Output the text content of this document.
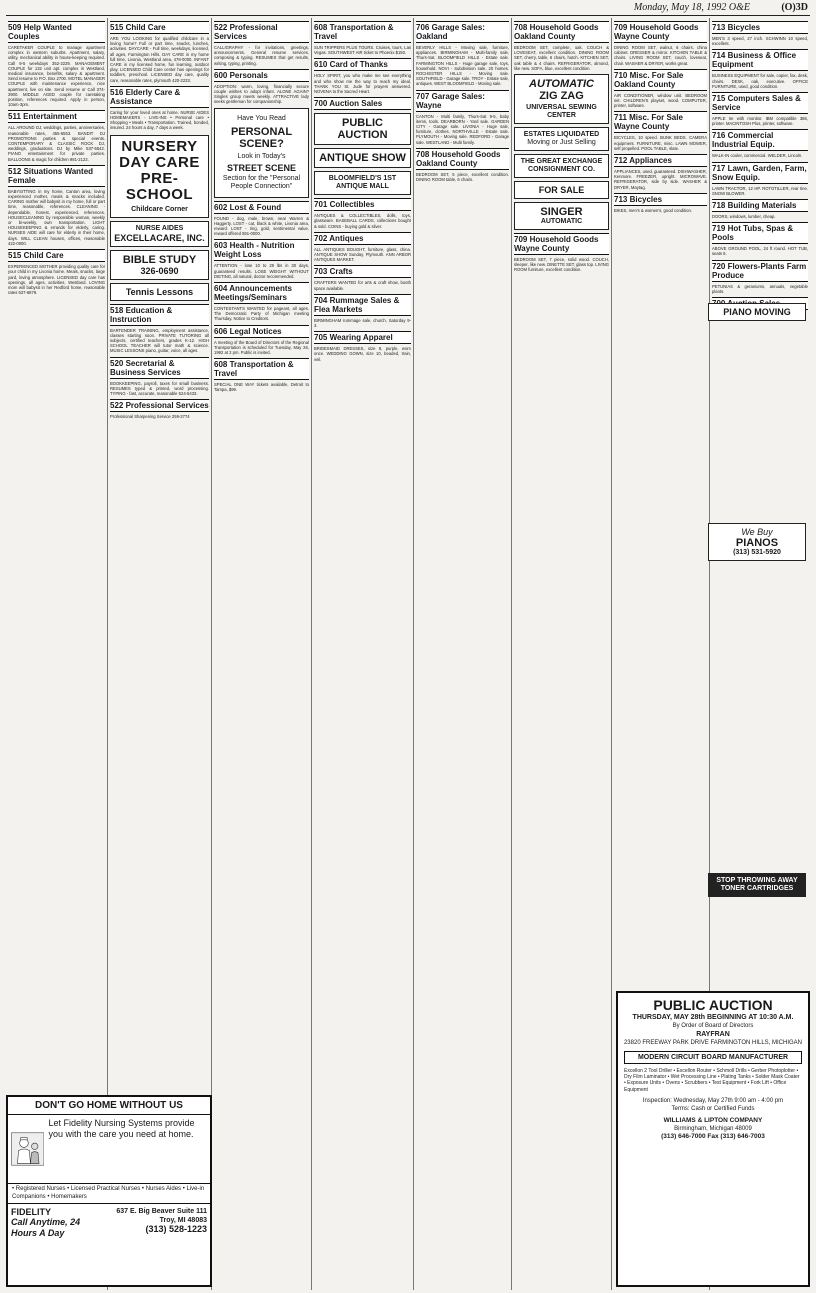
Monday, May 18, 1992 O&E	(O)3D
509 Help Wanted Couples
CARETAKER COUPLE to manage apartment complex in western suburbs. Apartment, salary, utility, mechanical ability in house-keeping required. Call 9-5 weekdays 352-2229. MANAGEMENT COUPLE for 132 unit apt. complex in Westland, medical insurance, benefits, salary & apartment. Send resume to P.O. Box 2700. MOTEL MANAGER COUPLE with maintenance experience, nice apartment, live on site. Send resume or Call 374-3900. MIDDLE AGED couple for caretaking position, references required. Apply in person, 10am-3pm.
511 Entertainment
ALL AROUND DJ, weddings, parties, anniversaries, reasonable rates, 455-5553. BANDIT DJ PROMOTIONS parties & special events. CONTEMPORARY & CLASSIC ROCK DJ, weddings, graduations. DJ by Mike 537-5542. PIANO entertainment for private parties. BALLOONS & magic for children 981-2123.
512 Situations Wanted Female
BABYSITTING in my home, Canton area, loving experienced mother, meals & snacks included. CARING mother will babysit in my home, full or part time, reasonable, references. CLEANING - dependable, honest, experienced, references. HOUSECLEANING by responsible woman, weekly or bi-weekly, own transportation. LIGHT HOUSEKEEPING & errands for elderly, caring. NURSES AIDE will care for elderly in their home, days. WILL CLEAN houses, offices, reasonable 422-0000.
515 Child Care
EXPERIENCED MOTHER providing quality care for your child in my Livonia home. Meals, snacks, large yard, loving atmosphere. LICENSED day care has openings, all ages, activities, Westland. LOVING mom will babysit in her Redford home, reasonable rates 537-6879.
515 Child Care
ARE YOU LOOKING for qualified childcare in a loving home? Full or part time, snacks, lunches, activities. DAYCARE - Full time, weekdays, licensed, all ages, Farmington Hills. DAY CARE in my home full time, Livonia, Westland area, 478-0000. INFANT CARE in my licensed home, fun learning, outdoor play. LICENSED Child Care center has openings for toddlers, preschool. LICENSED day care, quality care, reasonable rates, plymouth 420-2233.
516 Elderly Care & Assistance
Caring for your loved ones at home. NURSE AIDES HOMEMAKERS - LIVE-INS • Personal care • Shopping • Meals • Transportation. Trained, bonded, insured. 24 hours a day, 7 days a week.
NURSERY
DAY CARE
PRE-SCHOOL
Childcare Corner
NURSE AIDES
EXCELLACARE, INC.
BIBLE STUDY
326-0690
Tennis Lessons
518 Education & Instruction
BARTENDER TRAINING, employment assistance, classes starting soon. PRIVATE TUTORING all subjects, certified teachers, grades K-12. HIGH SCHOOL TEACHER will tutor math & science. MUSIC LESSONS piano, guitar, voice, all ages.
520 Secretarial & Business Services
BOOKKEEPING, payroll, taxes for small business. RESUMES typed & printed, word processing. TYPING - fast, accurate, reasonable 524-5433.
522 Professional Services
Professional Sharpening Service 259-3774
522 Professional Services
CALLIGRAPHY - for invitations, greetings, announcements. General resume services, composing & typing. RESUMES that get results, writing, typing, printing.
600 Personals
ADOPTION: warm, loving, financially secure couple wishes to adopt infant. ALONE AGAIN? Singles group meets weekly. ATTRACTIVE lady seeks gentleman for companionship.
Have You Read
PERSONAL SCENE?
Look in Today's
STREET SCENE
Section for the "Personal People Connection"
602 Lost & Found
FOUND - dog, male, brown, near Warren & Haggerty. LOST - cat, black & white, Livonia area, reward. LOST - ring, gold, sentimental value, reward offered 591-0000.
603 Health - Nutrition Weight Loss
ATTENTION - lose 10 to 29 lbs in 30 days, guaranteed results. LOSE WEIGHT WITHOUT DIETING, all natural, doctor recommended.
604 Announcements Meetings/Seminars
CONTESTANTS WANTED for pageant, all ages. The Democratic Party of Michigan meeting Thursday. Notice to Creditors.
606 Legal Notices
A meeting of the Board of Directors of the Regional Transportation is scheduled for Tuesday, May 26, 1992 at 2 pm. Public is invited.
608 Transportation & Travel
SPECIAL ONE WAY tickets available, Detroit to Tampa, $99.
608 Transportation & Travel
SUN TRIPPERS PLUS TOURS. Cruises, tours, Las Vegas. SOUTHWEST AIR ticket to Phoenix $150.
610 Card of Thanks
HOLY SPIRIT, you who make me see everything and who show me the way to reach my ideal. THANK YOU St. Jude for prayers answered. NOVENA to the Sacred Heart.
700 Auction Sales
PUBLIC AUCTION
ANTIQUE SHOW
BLOOMFIELD'S 1ST ANTIQUE MALL
701 Collectibles
ANTIQUES & COLLECTIBLES, dolls, toys, glassware. BASEBALL CARDS, collections bought & sold. COINS - buying gold & silver.
702 Antiques
ALL ANTIQUES BOUGHT, furniture, glass, china. ANTIQUE SHOW Sunday, Plymouth. ANN ARBOR ANTIQUES MARKET.
703 Crafts
CRAFTERS WANTED for arts & craft show, booth space available.
704 Rummage Sales & Flea Markets
BIRMINGHAM rummage sale, church, Saturday 9-3.
705 Wearing Apparel
BRIDESMAID DRESSES, size 8, purple, worn once. WEDDING GOWN, size 10, beaded, train, veil.
706 Garage Sales: Oakland
BEVERLY HILLS - Moving sale, furniture, appliances. BIRMINGHAM - Multi-family sale, Thurs-Sat. BLOOMFIELD HILLS - Estate sale. FARMINGTON HILLS - Huge garage sale, toys, household. NOVI - Subdivision sale, 20 homes. ROCHESTER HILLS - Moving sale. SOUTHFIELD - Garage sale. TROY - Estate sale, antiques. WEST BLOOMFIELD - Moving sale.
707 Garage Sales: Wayne
CANTON - Multi family, Thurs-Sat 9-5, baby items, tools. DEARBORN - Yard sale. GARDEN CITY - Garage sale. LIVONIA - Huge sale, furniture, clothes. NORTHVILLE - Estate sale. PLYMOUTH - Moving sale. REDFORD - Garage sale. WESTLAND - Multi family.
708 Household Goods Oakland County
BEDROOM SET, 5 piece, excellent condition. DINING ROOM table, 6 chairs.
708 Household Goods Oakland County
BEDROOM SET, complete, oak. COUCH & LOVESEAT, excellent condition. DINING ROOM SET, cherry, table, 6 chairs, hutch. KITCHEN SET, oak table & 4 chairs. REFRIGERATOR, almond, like new. SOFA, blue, excellent condition.
AUTOMATIC
ZIG ZAG
UNIVERSAL SEWING CENTER
ESTATES LIQUIDATED
Moving or Just Selling
THE GREAT EXCHANGE CONSIGNMENT CO.
FOR SALE
SINGER
AUTOMATIC
709 Household Goods Wayne County
BEDROOM SET, 7 piece, solid wood. COUCH, sleeper, like new. DINETTE SET, glass top. LIVING ROOM furniture, excellent condition.
709 Household Goods Wayne County
DINING ROOM SET, walnut, 6 chairs, china cabinet. DRESSER & mirror. KITCHEN TABLE & chairs. LIVING ROOM SET, couch, loveseat, chair. WASHER & DRYER, works great.
710 Misc. For Sale Oakland County
AIR CONDITIONER, window unit. BEDROOM set. CHILDREN'S playset, wood. COMPUTER, printer, software.
711 Misc. For Sale Wayne County
BICYCLES, 10 speed. BUNK BEDS. CAMERA equipment. FURNITURE, misc. LAWN MOWER, self propelled. POOL TABLE, slate.
712 Appliances
APPLIANCES, used, guaranteed. DISHWASHER, Kenmore. FREEZER, upright. MICROWAVE. REFRIGERATOR, side by side. WASHER & DRYER, Maytag.
713 Bicycles
BIKES, men's & women's, good condition.
713 Bicycles
MEN'S 3 speed, 27 inch. SCHWINN 10 speed, excellent.
714 Business & Office Equipment
BUSINESS EQUIPMENT for sale, copier, fax, desk, chairs. DESK, oak, executive. OFFICE FURNITURE, used, good condition.
715 Computers Sales & Service
APPLE IIe with monitor. IBM compatible 386, printer. MACINTOSH Plus, printer, software.
716 Commercial Industrial Equip.
WALK-IN cooler, commercial. WELDER, Lincoln.
717 Lawn, Garden, Farm, Snow Equip.
LAWN TRACTOR, 12 HP. ROTOTILLER, rear tine. SNOW BLOWER.
718 Building Materials
DOORS, windows, lumber, cheap.
719 Hot Tubs, Spas & Pools
ABOVE GROUND POOL, 24 ft round. HOT TUB, seats 6.
720 Flowers-Plants Farm Produce
PETUNIAS & geraniums, annuals, vegetable plants.
DON'T GO HOME WITHOUT US
Let Fidelity Nursing Systems provide you with the care you need at home.
• Registered Nurses • Licensed Practical Nurses • Nurses Aides • Live-in Companions • Homemakers
FIDELITY
Call Anytime, 24 Hours A Day
637 E. Big Beaver Suite 111 Troy, MI 48083
(313) 528-1223
PUBLIC AUCTION
THURSDAY, MAY 28th BEGINNING AT 10:30 A.M.
By Order of Board of Directors
RAYFRAN
23820 FREEWAY PARK DRIVE FARMINGTON HILLS, MICHIGAN
MODERN CIRCUIT BOARD MANUFACTURER
Excellon 2 Tool Driller • Excellon Router • Schmoll Drills • Gerber Photoplotter • Dry Film Laminator • Wet Processing Line • Plating Tanks • Solder Mask Coater • Exposure Units • Ovens • Scrubbers • Test Equipment • Fork Lift • Office Equipment
Inspection: Wednesday, May 27th 9:00 am - 4:00 pm
Terms: Cash or Certified Funds
WILLIAMS & LIPTON COMPANY
Birmingham, Michigan 48009
(313) 646-7000 Fax (313) 646-7003
We Buy
PIANOS
(313) 531-5920
PIANO MOVING
STOP THROWING AWAY TONER CARTRIDGES
